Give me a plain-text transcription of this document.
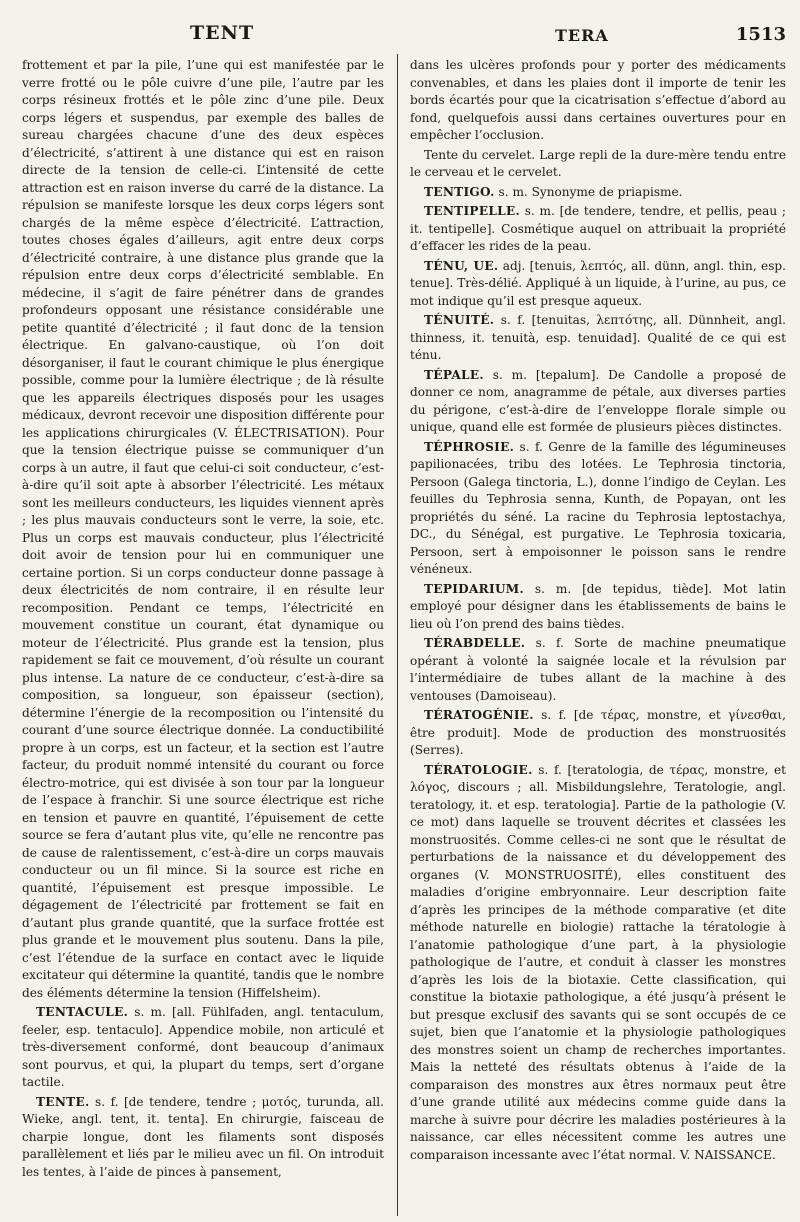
TENT	TERA	1513

frottement et par la pile, l’une qui est manifestée par le verre frotté ou le pôle cuivre d’une pile, l’autre par les corps résineux frottés et le pôle zinc d’une pile. Deux corps légers et suspendus, par exemple des balles de sureau chargées chacune d’une des deux espèces d’électricité, s’attirent à une distance qui est en raison directe de la tension de celle-ci. L’intensité de cette attraction est en raison inverse du carré de la distance. La répulsion se manifeste lorsque les deux corps légers sont chargés de la même espèce d’électricité. L’attraction, toutes choses égales d’ailleurs, agit entre deux corps d’électricité contraire, à une distance plus grande que la répulsion entre deux corps d’électricité semblable. En médecine, il s’agit de faire pénétrer dans de grandes profondeurs opposant une résistance considérable une petite quantité d’électricité ; il faut donc de la tension électrique. En galvano-caustique, où l’on doit désorganiser, il faut le courant chimique le plus énergique possible, comme pour la lumière électrique ; de là résulte que les appareils électriques disposés pour les usages médicaux, devront recevoir une disposition différente pour les applications chirurgicales (V. ÉLECTRISATION). Pour que la tension électrique puisse se communiquer d’un corps à un autre, il faut que celui-ci soit conducteur, c’est-à-dire qu’il soit apte à absorber l’électricité. Les métaux sont les meilleurs conducteurs, les liquides viennent après ; les plus mauvais conducteurs sont le verre, la soie, etc. Plus un corps est mauvais conducteur, plus l’électricité doit avoir de tension pour lui en communiquer une certaine portion. Si un corps conducteur donne passage à deux électricités de nom contraire, il en résulte leur recomposition. Pendant ce temps, l’électricité en mouvement constitue un courant, état dynamique ou moteur de l’électricité. Plus grande est la tension, plus rapidement se fait ce mouvement, d’où résulte un courant plus intense. La nature de ce conducteur, c’est-à-dire sa composition, sa longueur, son épaisseur (section), détermine l’énergie de la recomposition ou l’intensité du courant d’une source électrique donnée. La conductibilité propre à un corps, est un facteur, et la section est l’autre facteur, du produit nommé intensité du courant ou force électro-motrice, qui est divisée à son tour par la longueur de l’espace à franchir. Si une source électrique est riche en tension et pauvre en quantité, l’épuisement de cette source se fera d’autant plus vite, qu’elle ne rencontre pas de cause de ralentissement, c’est-à-dire un corps mauvais conducteur ou un fil mince. Si la source est riche en quantité, l’épuisement est presque impossible. Le dégagement de l’électricité par frottement se fait en d’autant plus grande quantité, que la surface frottée est plus grande et le mouvement plus soutenu. Dans la pile, c’est l’étendue de la surface en contact avec le liquide excitateur qui détermine la quantité, tandis que le nombre des éléments détermine la tension (Hiffelsheim).

TENTACULE. s. m. [all. Fühlfaden, angl. tentaculum, feeler, esp. tentaculo]. Appendice mobile, non articulé et très-diversement conformé, dont beaucoup d’animaux sont pourvus, et qui, la plupart du temps, sert d’organe tactile.

TENTE. s. f. [de tendere, tendre ; μοτός, turunda, all. Wieke, angl. tent, it. tenta]. En chirurgie, faisceau de charpie longue, dont les filaments sont disposés parallèlement et liés par le milieu avec un fil. On introduit les tentes, à l’aide de pinces à pansement,

dans les ulcères profonds pour y porter des médicaments convenables, et dans les plaies dont il importe de tenir les bords écartés pour que la cicatrisation s’effectue d’abord au fond, quelquefois aussi dans certaines ouvertures pour en empêcher l’occlusion.

Tente du cervelet. Large repli de la dure-mère tendu entre le cerveau et le cervelet.

TENTIGO. s. m. Synonyme de priapisme.

TENTIPELLE. s. m. [de tendere, tendre, et pellis, peau ; it. tentipelle]. Cosmétique auquel on attribuait la propriété d’effacer les rides de la peau.

TÉNU, UE. adj. [tenuis, λεπτός, all. dünn, angl. thin, esp. tenue]. Très-délié. Appliqué à un liquide, à l’urine, au pus, ce mot indique qu’il est presque aqueux.

TÉNUITÉ. s. f. [tenuitas, λεπτότης, all. Dünnheit, angl. thinness, it. tenuità, esp. tenuidad]. Qualité de ce qui est ténu.

TÉPALE. s. m. [tepalum]. De Candolle a proposé de donner ce nom, anagramme de pétale, aux diverses parties du périgone, c’est-à-dire de l’enveloppe florale simple ou unique, quand elle est formée de plusieurs pièces distinctes.

TÉPHROSIE. s. f. Genre de la famille des légumineuses papilionacées, tribu des lotées. Le Tephrosia tinctoria, Persoon (Galega tinctoria, L.), donne l’indigo de Ceylan. Les feuilles du Tephrosia senna, Kunth, de Popayan, ont les propriétés du séné. La racine du Tephrosia leptostachya, DC., du Sénégal, est purgative. Le Tephrosia toxicaria, Persoon, sert à empoisonner le poisson sans le rendre vénéneux.

TEPIDARIUM. s. m. [de tepidus, tiède]. Mot latin employé pour désigner dans les établissements de bains le lieu où l’on prend des bains tièdes.

TÉRABDELLE. s. f. Sorte de machine pneumatique opérant à volonté la saignée locale et la révulsion par l’intermédiaire de tubes allant de la machine à des ventouses (Damoiseau).

TÉRATOGÉNIE. s. f. [de τέρας, monstre, et γίνεσθαι, être produit]. Mode de production des monstruosités (Serres).

TÉRATOLOGIE. s. f. [teratologia, de τέρας, monstre, et λόγος, discours ; all. Misbildungslehre, Teratologie, angl. teratology, it. et esp. teratologia]. Partie de la pathologie (V. ce mot) dans laquelle se trouvent décrites et classées les monstruosités. Comme celles-ci ne sont que le résultat de perturbations de la naissance et du développement des organes (V. MONSTRUOSITÉ), elles constituent des maladies d’origine embryonnaire. Leur description faite d’après les principes de la méthode comparative (et dite méthode naturelle en biologie) rattache la tératologie à l’anatomie pathologique d’une part, à la physiologie pathologique de l’autre, et conduit à classer les monstres d’après les lois de la biotaxie. Cette classification, qui constitue la biotaxie pathologique, a été jusqu’à présent le but presque exclusif des savants qui se sont occupés de ce sujet, bien que l’anatomie et la physiologie pathologiques des monstres soient un champ de recherches importantes. Mais la netteté des résultats obtenus à l’aide de la comparaison des monstres aux êtres normaux peut être d’une grande utilité aux médecins comme guide dans la marche à suivre pour décrire les maladies postérieures à la naissance, car elles nécessitent comme les autres une comparaison incessante avec l’état normal. V. NAISSANCE.
